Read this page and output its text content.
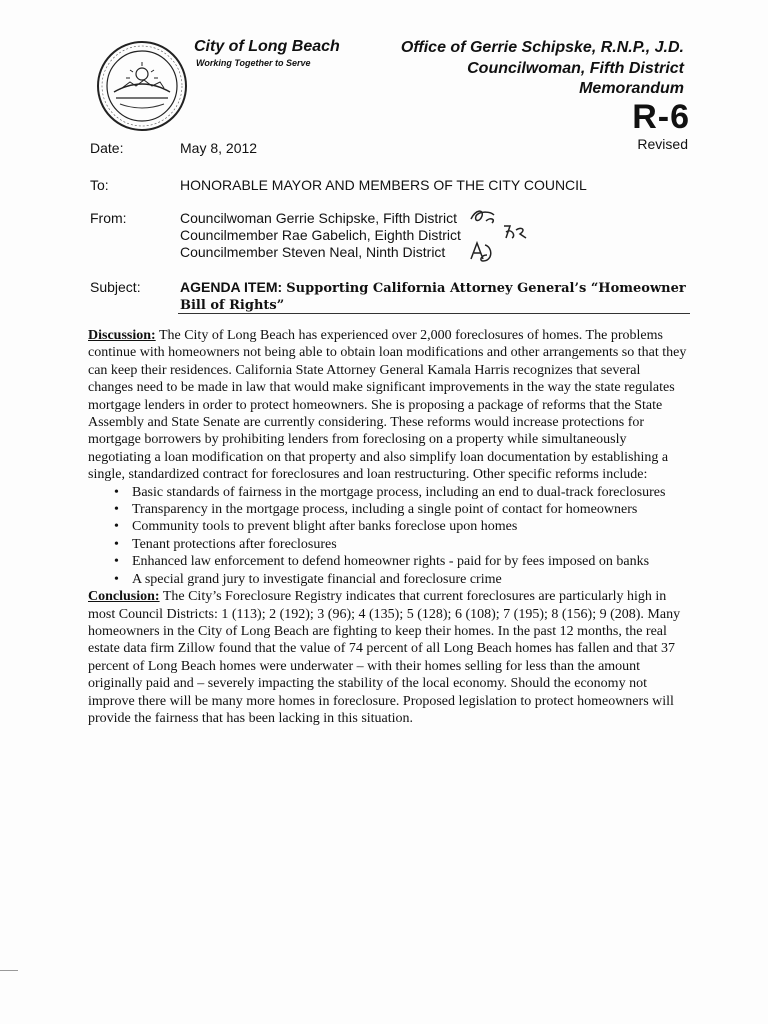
City of Long Beach
Working Together to Serve
Office of Gerrie Schipske, R.N.P., J.D.
Councilwoman, Fifth District
Memorandum
R-6
Revised
Date:	May 8, 2012
To:	HONORABLE MAYOR AND MEMBERS OF THE CITY COUNCIL
From:	Councilwoman Gerrie Schipske, Fifth District
Councilmember Rae Gabelich, Eighth District
Councilmember Steven Neal, Ninth District
Subject:	AGENDA ITEM: Supporting California Attorney General’s “Homeowner Bill of Rights”

Discussion: The City of Long Beach has experienced over 2,000 foreclosures of homes. The problems continue with homeowners not being able to obtain loan modifications and other arrangements so that they can keep their residences. California State Attorney General Kamala Harris recognizes that several changes need to be made in law that would make significant improvements in the way the state regulates mortgage lenders in order to protect homeowners. She is proposing a package of reforms that the State Assembly and State Senate are currently considering. These reforms would increase protections for mortgage borrowers by prohibiting lenders from foreclosing on a property while simultaneously negotiating a loan modification on that property and also simplify loan documentation by establishing a single, standardized contract for foreclosures and loan restructuring. Other specific reforms include:

• Basic standards of fairness in the mortgage process, including an end to dual-track foreclosures
• Transparency in the mortgage process, including a single point of contact for homeowners
• Community tools to prevent blight after banks foreclose upon homes
• Tenant protections after foreclosures
• Enhanced law enforcement to defend homeowner rights - paid for by fees imposed on banks
• A special grand jury to investigate financial and foreclosure crime

Conclusion: The City’s Foreclosure Registry indicates that current foreclosures are particularly high in most Council Districts: 1 (113); 2 (192); 3 (96); 4 (135); 5 (128); 6 (108); 7 (195); 8 (156); 9 (208). Many homeowners in the City of Long Beach are fighting to keep their homes. In the past 12 months, the real estate data firm Zillow found that the value of 74 percent of all Long Beach homes has fallen and that 37 percent of Long Beach homes were underwater – with their homes selling for less than the amount originally paid and – severely impacting the stability of the local economy. Should the economy not improve there will be many more homes in foreclosure. Proposed legislation to protect homeowners will provide the fairness that has been lacking in this situation.
